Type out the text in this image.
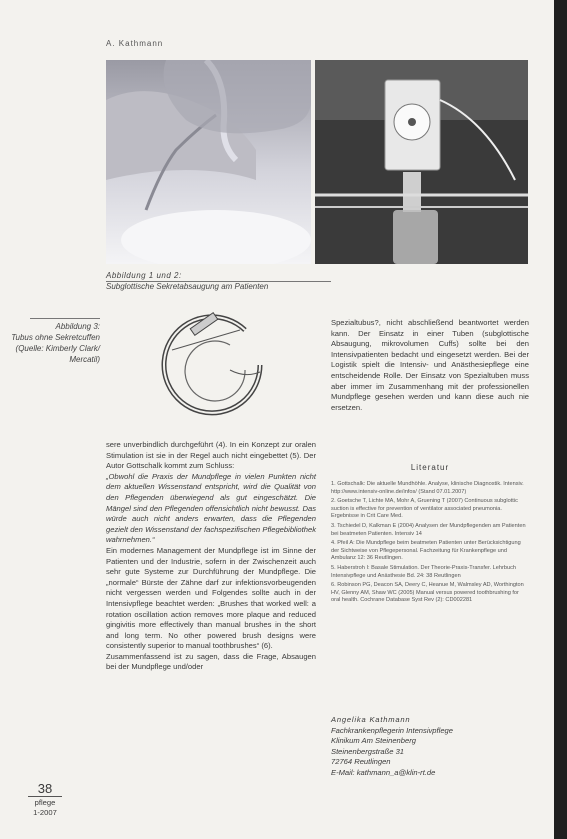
A. Kathmann
Abbildung 1 und 2:
Subglottische Sekretabsaugung am Patienten
Abbildung 3:
Tubus ohne Sekretcuffen (Quelle: Kimberly Clark/ Mercatil)

sere unverbindlich durchgeführt (4). In ein Konzept zur oralen Stimulation ist sie in der Regel auch nicht eingebettet (5). Der Autor Gottschalk kommt zum Schluss:

„Obwohl die Praxis der Mundpflege in vielen Punkten nicht dem aktuellen Wissenstand entspricht, wird die Qualität von den Pflegenden überwiegend als gut eingeschätzt. Die Mängel sind den Pflegenden offensichtlich nicht bewusst. Das würde auch nicht anders erwarten, dass die Pflegenden gezielt den Wissenstand der fachspezifischen Pflegebibliothek wahrnehmen.“

Ein modernes Management der Mundpflege ist im Sinne der Patienten und der Industrie, sofern in der Zwischenzeit auch sehr gute Systeme zur Durchführung der Mundpflege. Die „normale“ Bürste der Zähne darf zur infektionsvorbeugenden nicht vergessen werden und Folgendes sollte auch in der Intensivpflege beachtet werden: „Brushes that worked well: a rotation oscillation action removes more plaque and reduced gingivitis more effectively than manual brushes in the short and long term. No other powered brush designs were consistently superior to manual toothbrushes“ (6).

Zusammenfassend ist zu sagen, dass die Frage, Absaugen bei der Mundpflege und/oder

Spezialtubus?, nicht abschließend beantwortet werden kann. Der Einsatz in einer Tuben (subglottische Absaugung, mikrovolumen Cuffs) sollte bei den Intensivpatienten bedacht und eingesetzt werden. Bei der Logistik spielt die Intensiv- und Anästhesiepflege eine entscheidende Rolle. Der Einsatz von Spezialtuben muss aber immer im Zusammenhang mit der professionellen Mundpflege gesehen werden und kann diese auch nie ersetzen.

Literatur
1. Gottschalk: Die aktuelle Mundhöhle. Analyse, klinische Diagnostik. Intensiv. http://www.intensiv-online.de/infos/ (Stand 07.01.2007)
2. Goetsche T, Lichte MA, Mohr A, Gruening T (2007) Continuous subglottic suction is effective for prevention of ventilator associated pneumonia. Ergebnisse in Crit Care Med.
3. Tschiedel D, Kalkman E (2004) Analysen der Mundpflegenden am Patienten bei beatmeten Patienten. Intensiv 14
4. Pfeil A: Die Mundpflege beim beatmeten Patienten unter Berücksichtigung der Sichtweise von Pflegepersonal. Fachzeitung für Krankenpflege und Ambulanz 12: 36 Reutlingen.
5. Haberstroh I: Basale Stimulation. Der Theorie-Praxis-Transfer. Lehrbuch Intensivpflege und Anästhesie Bd. 24: 38 Reutlingen
6. Robinson PG, Deacon SA, Deery C, Heanue M, Walmsley AD, Worthington HV, Glenny AM, Shaw WC (2005) Manual versus powered toothbrushing for oral health. Cochrane Database Syst Rev (2): CD002281
Angelika Kathmann
Fachkrankenpflegerin Intensivpflege
Klinikum Am Steinenberg
Steinenbergstraße 31
72764 Reutlingen
E-Mail: kathmann_a@klin-rt.de
38
pflege
1-2007
